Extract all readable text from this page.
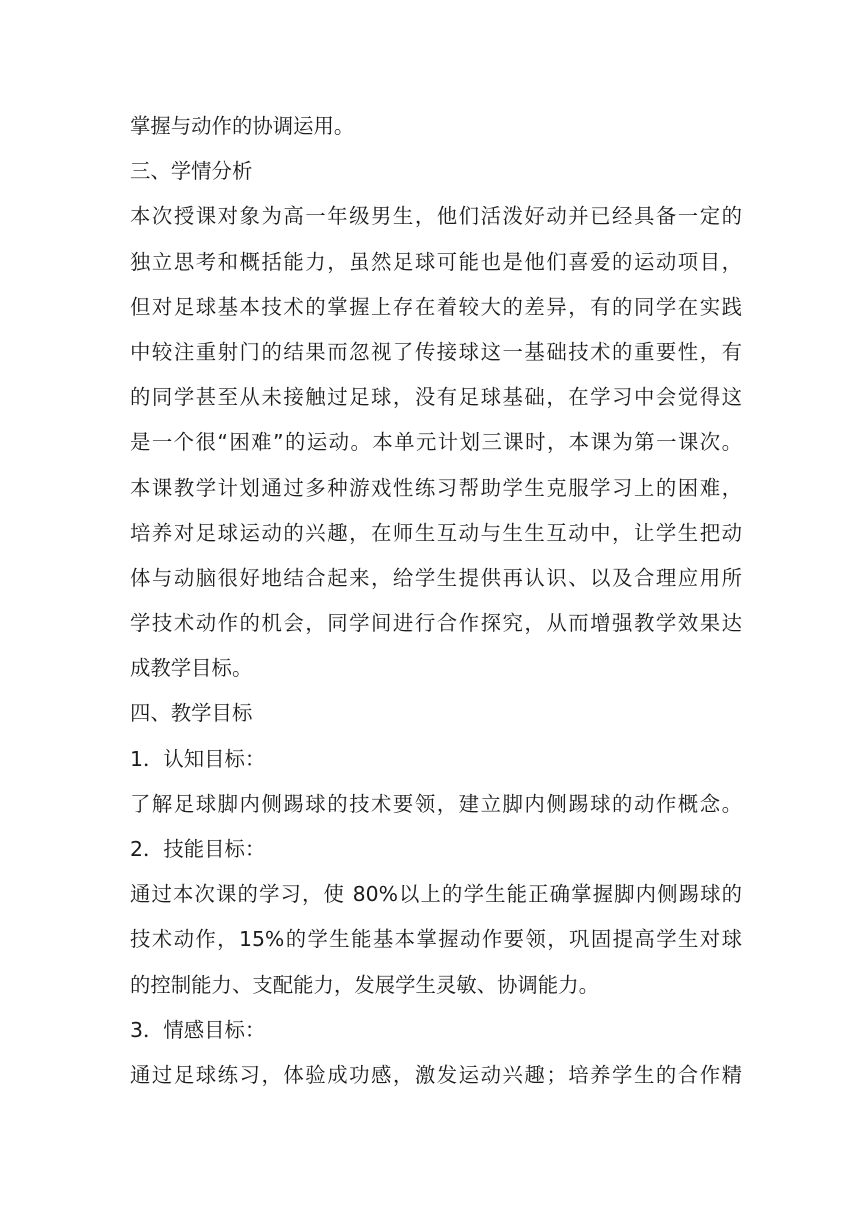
掌握与动作的协调运用。
三、学情分析
本次授课对象为高一年级男生，他们活泼好动并已经具备一定的
独立思考和概括能力，虽然足球可能也是他们喜爱的运动项目，
但对足球基本技术的掌握上存在着较大的差异，有的同学在实践
中较注重射门的结果而忽视了传接球这一基础技术的重要性，有
的同学甚至从未接触过足球，没有足球基础，在学习中会觉得这
是一个很“困难”的运动。本单元计划三课时，本课为第一课次。
本课教学计划通过多种游戏性练习帮助学生克服学习上的困难，
培养对足球运动的兴趣，在师生互动与生生互动中，让学生把动
体与动脑很好地结合起来，给学生提供再认识、以及合理应用所
学技术动作的机会，同学间进行合作探究，从而增强教学效果达
成教学目标。
四、教学目标
1．认知目标：
了解足球脚内侧踢球的技术要领，建立脚内侧踢球的动作概念。
2．技能目标：
通过本次课的学习，使 80%以上的学生能正确掌握脚内侧踢球的
技术动作，15%的学生能基本掌握动作要领，巩固提高学生对球
的控制能力、支配能力，发展学生灵敏、协调能力。
3．情感目标：
通过足球练习，体验成功感，激发运动兴趣；培养学生的合作精
